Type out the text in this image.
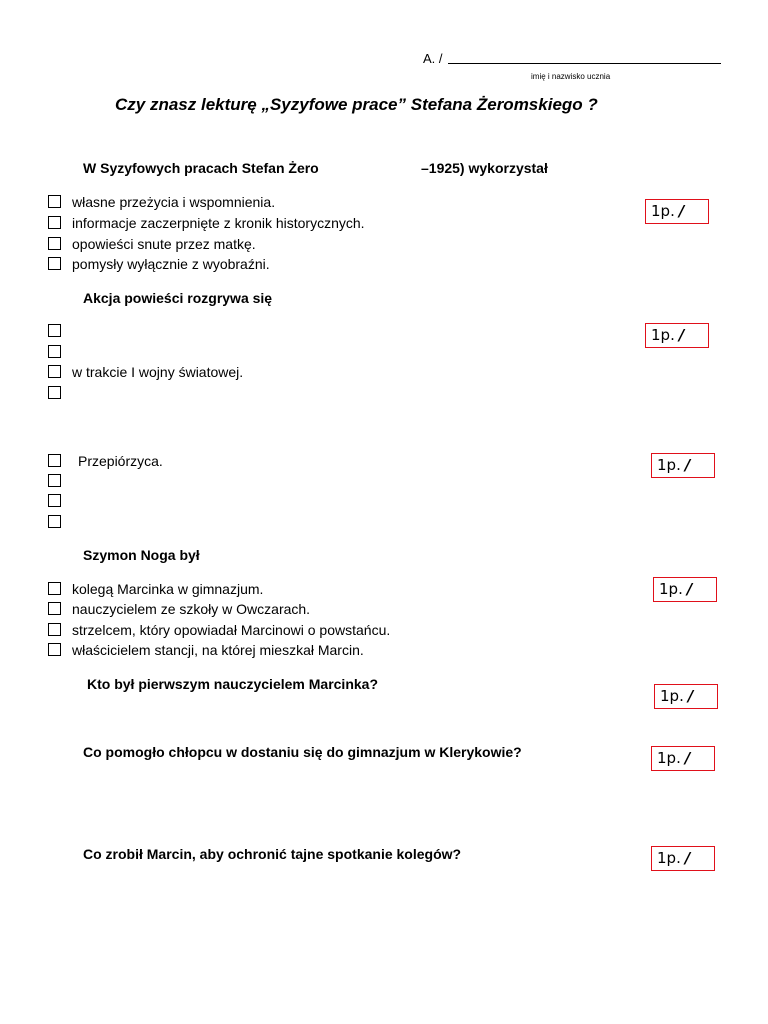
A. /
imię i nazwisko ucznia
Czy znasz lekturę „Syzyfowe prace” Stefana Żeromskiego ?
W Syzyfowych pracach Stefan Żero	–1925) wykorzystał
własne przeżycia i wspomnienia.
informacje zaczerpnięte z kronik historycznych.
opowieści snute przez matkę.
pomysły wyłącznie z wyobraźni.
1p. /
Akcja powieści rozgrywa się
w trakcie I wojny światowej.
1p. /
Przepiórzyca.	1p. /
Szymon Noga był
kolegą Marcinka w gimnazjum.
nauczycielem ze szkoły w Owczarach.
strzelcem, który opowiadał Marcinowi o powstańcu.
właścicielem stancji, na której mieszkał Marcin.
1p. /
Kto był pierwszym nauczycielem Marcinka?
1p. /
Co pomogło chłopcu w dostaniu się do gimnazjum w Klerykowie?	1p. /
Co zrobił Marcin, aby ochronić tajne spotkanie kolegów?	1p. /
